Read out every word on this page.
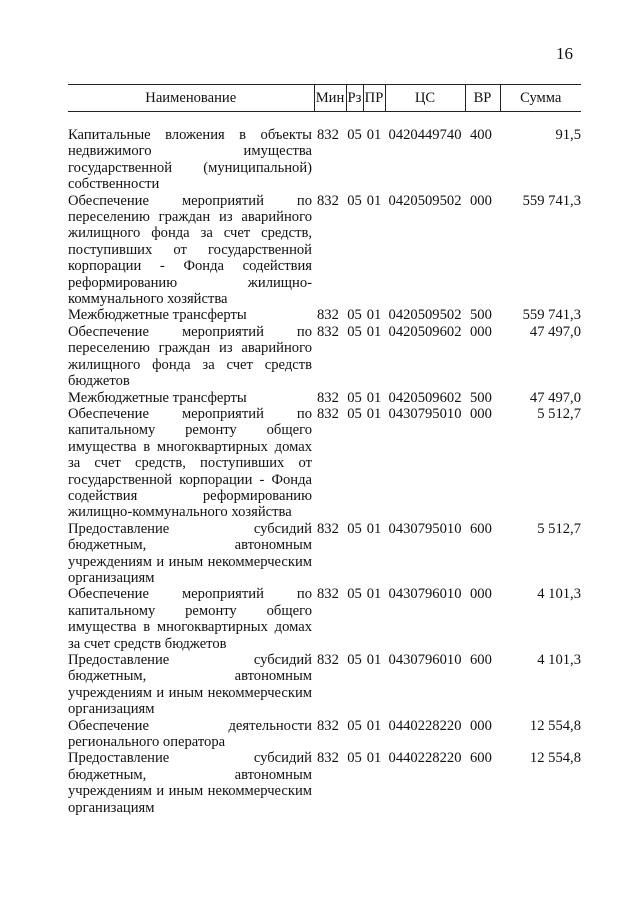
16
Наименование	Мин	Рз	ПР	ЦС	ВР	Сумма

Капитальные вложения в объекты недвижимого имущества государственной (муниципальной) собственности	832	05	01	0420449740	400	91,5
Обеспечение мероприятий по переселению граждан из аварийного жилищного фонда за счет средств, поступивших от государственной корпорации - Фонда содействия реформированию жилищно-коммунального хозяйства	832	05	01	0420509502	000	559 741,3
Межбюджетные трансферты	832	05	01	0420509502	500	559 741,3
Обеспечение мероприятий по переселению граждан из аварийного жилищного фонда за счет средств бюджетов	832	05	01	0420509602	000	47 497,0
Межбюджетные трансферты	832	05	01	0420509602	500	47 497,0
Обеспечение мероприятий по капитальному ремонту общего имущества в многоквартирных домах за счет средств, поступивших от государственной корпорации - Фонда содействия реформированию жилищно-коммунального хозяйства	832	05	01	0430795010	000	5 512,7
Предоставление субсидий бюджетным, автономным учреждениям и иным некоммерческим организациям	832	05	01	0430795010	600	5 512,7
Обеспечение мероприятий по капитальному ремонту общего имущества в многоквартирных домах за счет средств бюджетов	832	05	01	0430796010	000	4 101,3
Предоставление субсидий бюджетным, автономным учреждениям и иным некоммерческим организациям	832	05	01	0430796010	600	4 101,3
Обеспечение деятельности регионального оператора	832	05	01	0440228220	000	12 554,8
Предоставление субсидий бюджетным, автономным учреждениям и иным некоммерческим организациям	832	05	01	0440228220	600	12 554,8
